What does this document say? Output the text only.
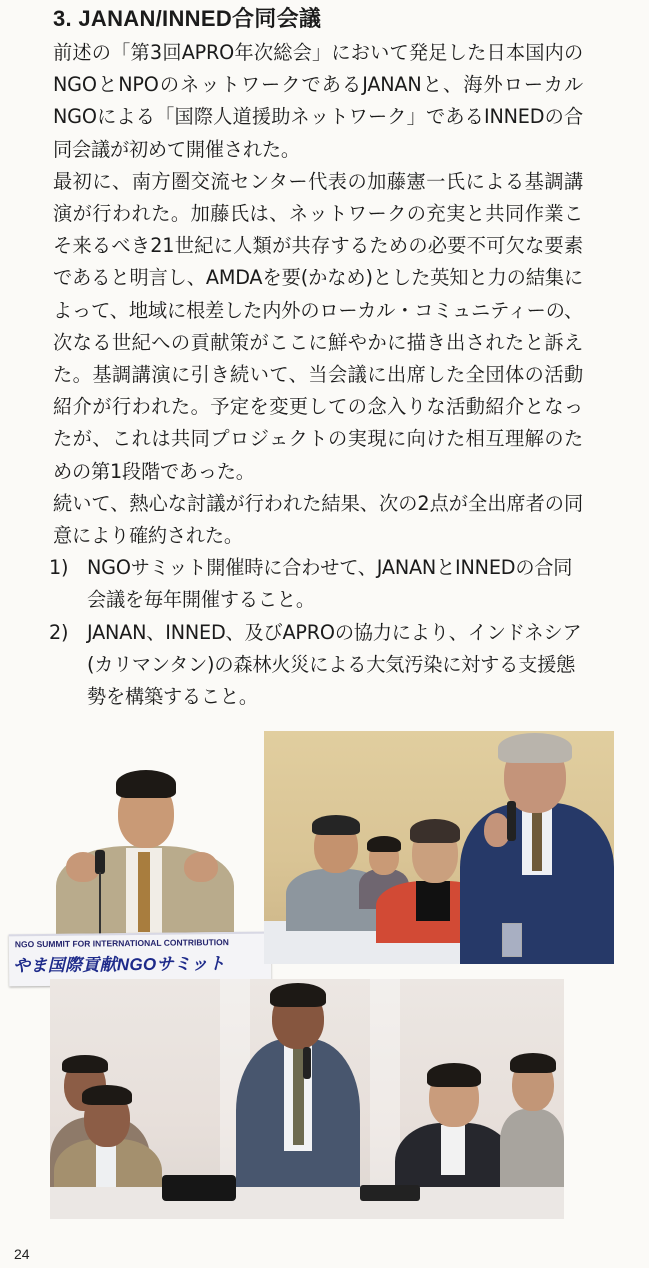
3. JANAN/INNED合同会議

前述の「第3回APRO年次総会」において発足した日本国内のNGOとNPOのネットワークであるJANANと、海外ローカルNGOによる「国際人道援助ネットワーク」であるINNEDの合同会議が初めて開催された。

最初に、南方圏交流センター代表の加藤憲一氏による基調講演が行われた。加藤氏は、ネットワークの充実と共同作業こそ来るべき21世紀に人類が共存するための必要不可欠な要素であると明言し、AMDAを要(かなめ)とした英知と力の結集によって、地域に根差した内外のローカル・コミュニティーの、次なる世紀への貢献策がここに鮮やかに描き出されたと訴えた。基調講演に引き続いて、当会議に出席した全団体の活動紹介が行われた。予定を変更しての念入りな活動紹介となったが、これは共同プロジェクトの実現に向けた相互理解のための第1段階であった。

続いて、熱心な討議が行われた結果、次の2点が全出席者の同意により確約された。

1) NGOサミット開催時に合わせて、JANANとINNEDの合同会議を毎年開催すること。
2) JANAN、INNED、及びAPROの協力により、インドネシア(カリマンタン)の森林火災による大気汚染に対する支援態勢を構築すること。
NGO SUMMIT FOR INTERNATIONAL CONTRIBUTION
やま国際貢献NGOサミット
24
